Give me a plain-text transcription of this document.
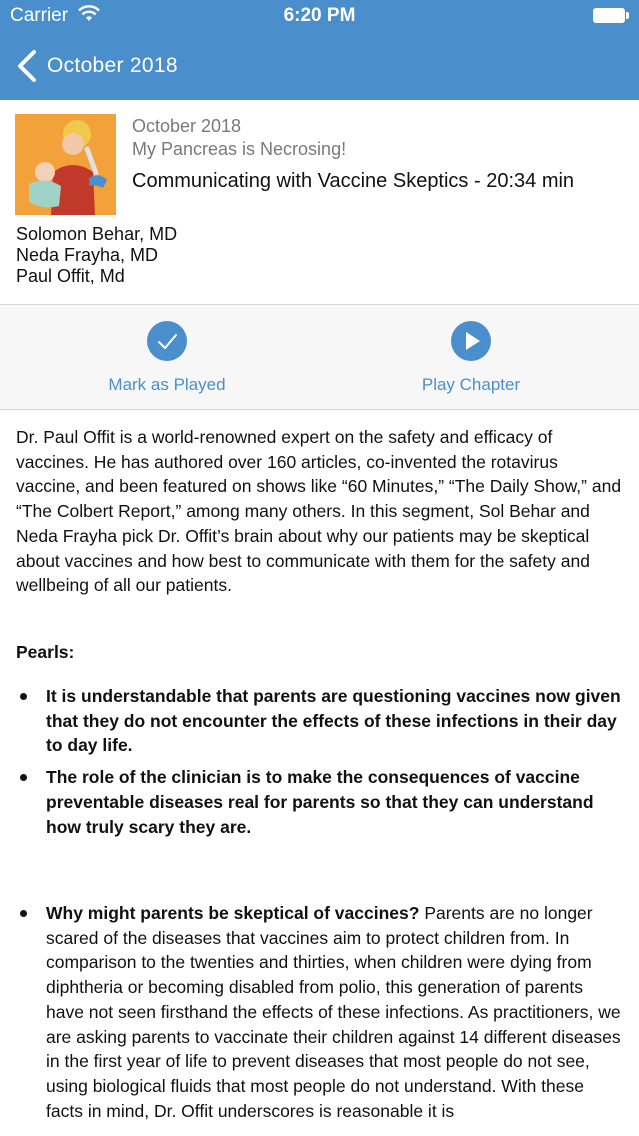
Carrier	6:20 PM
October 2018
October 2018
My Pancreas is Necrosing!
Communicating with Vaccine Skeptics - 20:34 min
Solomon Behar, MD
Neda Frayha, MD
Paul Offit, Md
Mark as Played	Play Chapter
Dr. Paul Offit is a world-renowned expert on the safety and efficacy of vaccines. He has authored over 160 articles, co-invented the rotavirus vaccine, and been featured on shows like “60 Minutes,” “The Daily Show,” and “The Colbert Report,” among many others. In this segment, Sol Behar and Neda Frayha pick Dr. Offit’s brain about why our patients may be skeptical about vaccines and how best to communicate with them for the safety and wellbeing of all our patients.
Pearls:
It is understandable that parents are questioning vaccines now given that they do not encounter the effects of these infections in their day to day life.
The role of the clinician is to make the consequences of vaccine preventable diseases real for parents so that they can understand how truly scary they are.
Why might parents be skeptical of vaccines? Parents are no longer scared of the diseases that vaccines aim to protect children from. In comparison to the twenties and thirties, when children were dying from diphtheria or becoming disabled from polio, this generation of parents have not seen firsthand the effects of these infections. As practitioners, we are asking parents to vaccinate their children against 14 different diseases in the first year of life to prevent diseases that most people do not see, using biological fluids that most people do not understand. With these facts in mind, Dr. Offit underscores is reasonable it is
